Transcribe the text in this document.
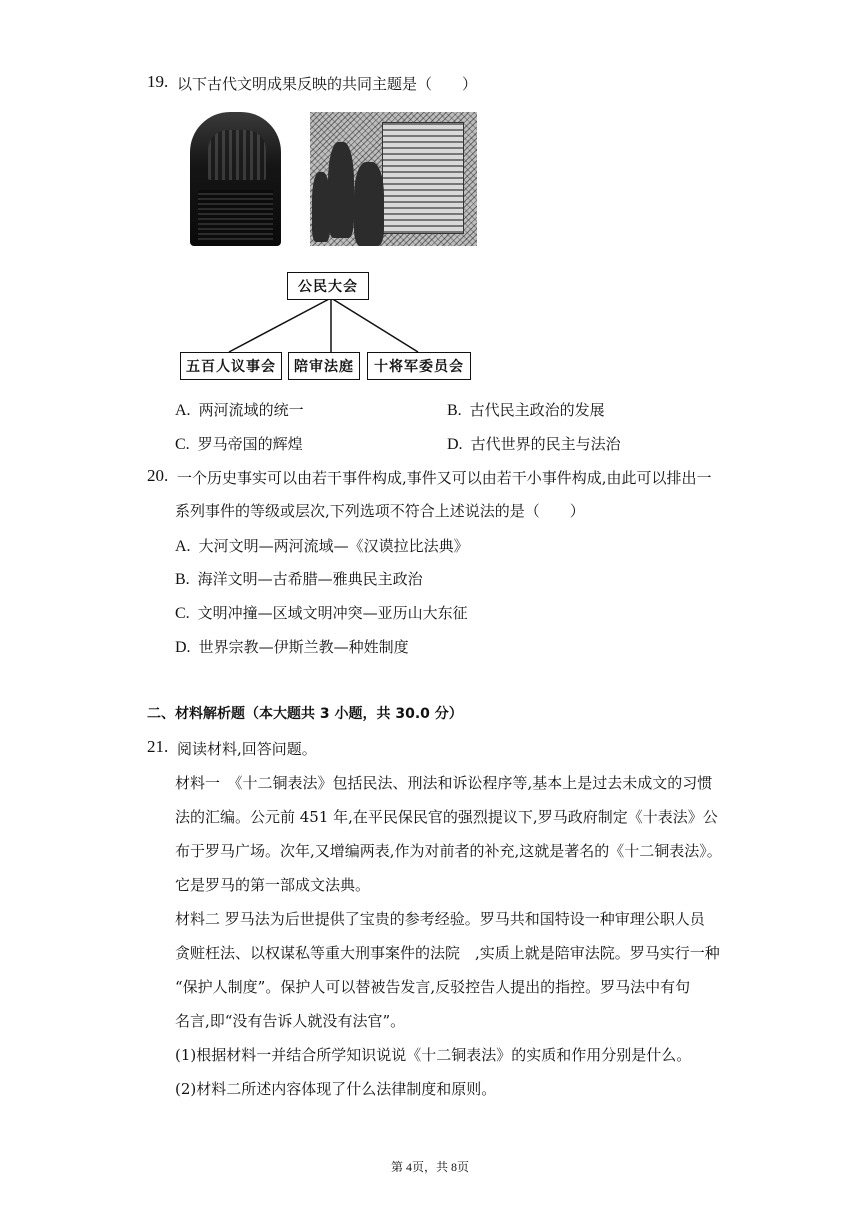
19. 以下古代文明成果反映的共同主题是（　　）
公民大会
五百人议事会	陪审法庭	十将军委员会
A. 两河流域的统一	B. 古代民主政治的发展
C. 罗马帝国的辉煌	D. 古代世界的民主与法治
20. 一个历史事实可以由若干事件构成,事件又可以由若干小事件构成,由此可以排出一
系列事件的等级或层次,下列选项不符合上述说法的是（　　）
A. 大河文明—两河流域—《汉谟拉比法典》
B. 海洋文明—古希腊—雅典民主政治
C. 文明冲撞—区域文明冲突—亚历山大东征
D. 世界宗教—伊斯兰教—种姓制度
二、材料解析题（本大题共 3 小题，共 30.0 分）
21. 阅读材料,回答问题。
材料一　《十二铜表法》包括民法、刑法和诉讼程序等,基本上是过去未成文的习惯
法的汇编。公元前 451 年,在平民保民官的强烈提议下,罗马政府制定《十表法》公
布于罗马广场。次年,又增编两表,作为对前者的补充,这就是著名的《十二铜表法》。
它是罗马的第一部成文法典。
材料二 罗马法为后世提供了宝贵的参考经验。罗马共和国特设一种审理公职人员
贪赃枉法、以权谋私等重大刑事案件的法院　,实质上就是陪审法院。罗马实行一种
“保护人制度”。保护人可以替被告发言,反驳控告人提出的指控。罗马法中有句
名言,即“没有告诉人就没有法官”。
(1)根据材料一并结合所学知识说说《十二铜表法》的实质和作用分别是什么。
(2)材料二所述内容体现了什么法律制度和原则。
第 4页，共 8页
